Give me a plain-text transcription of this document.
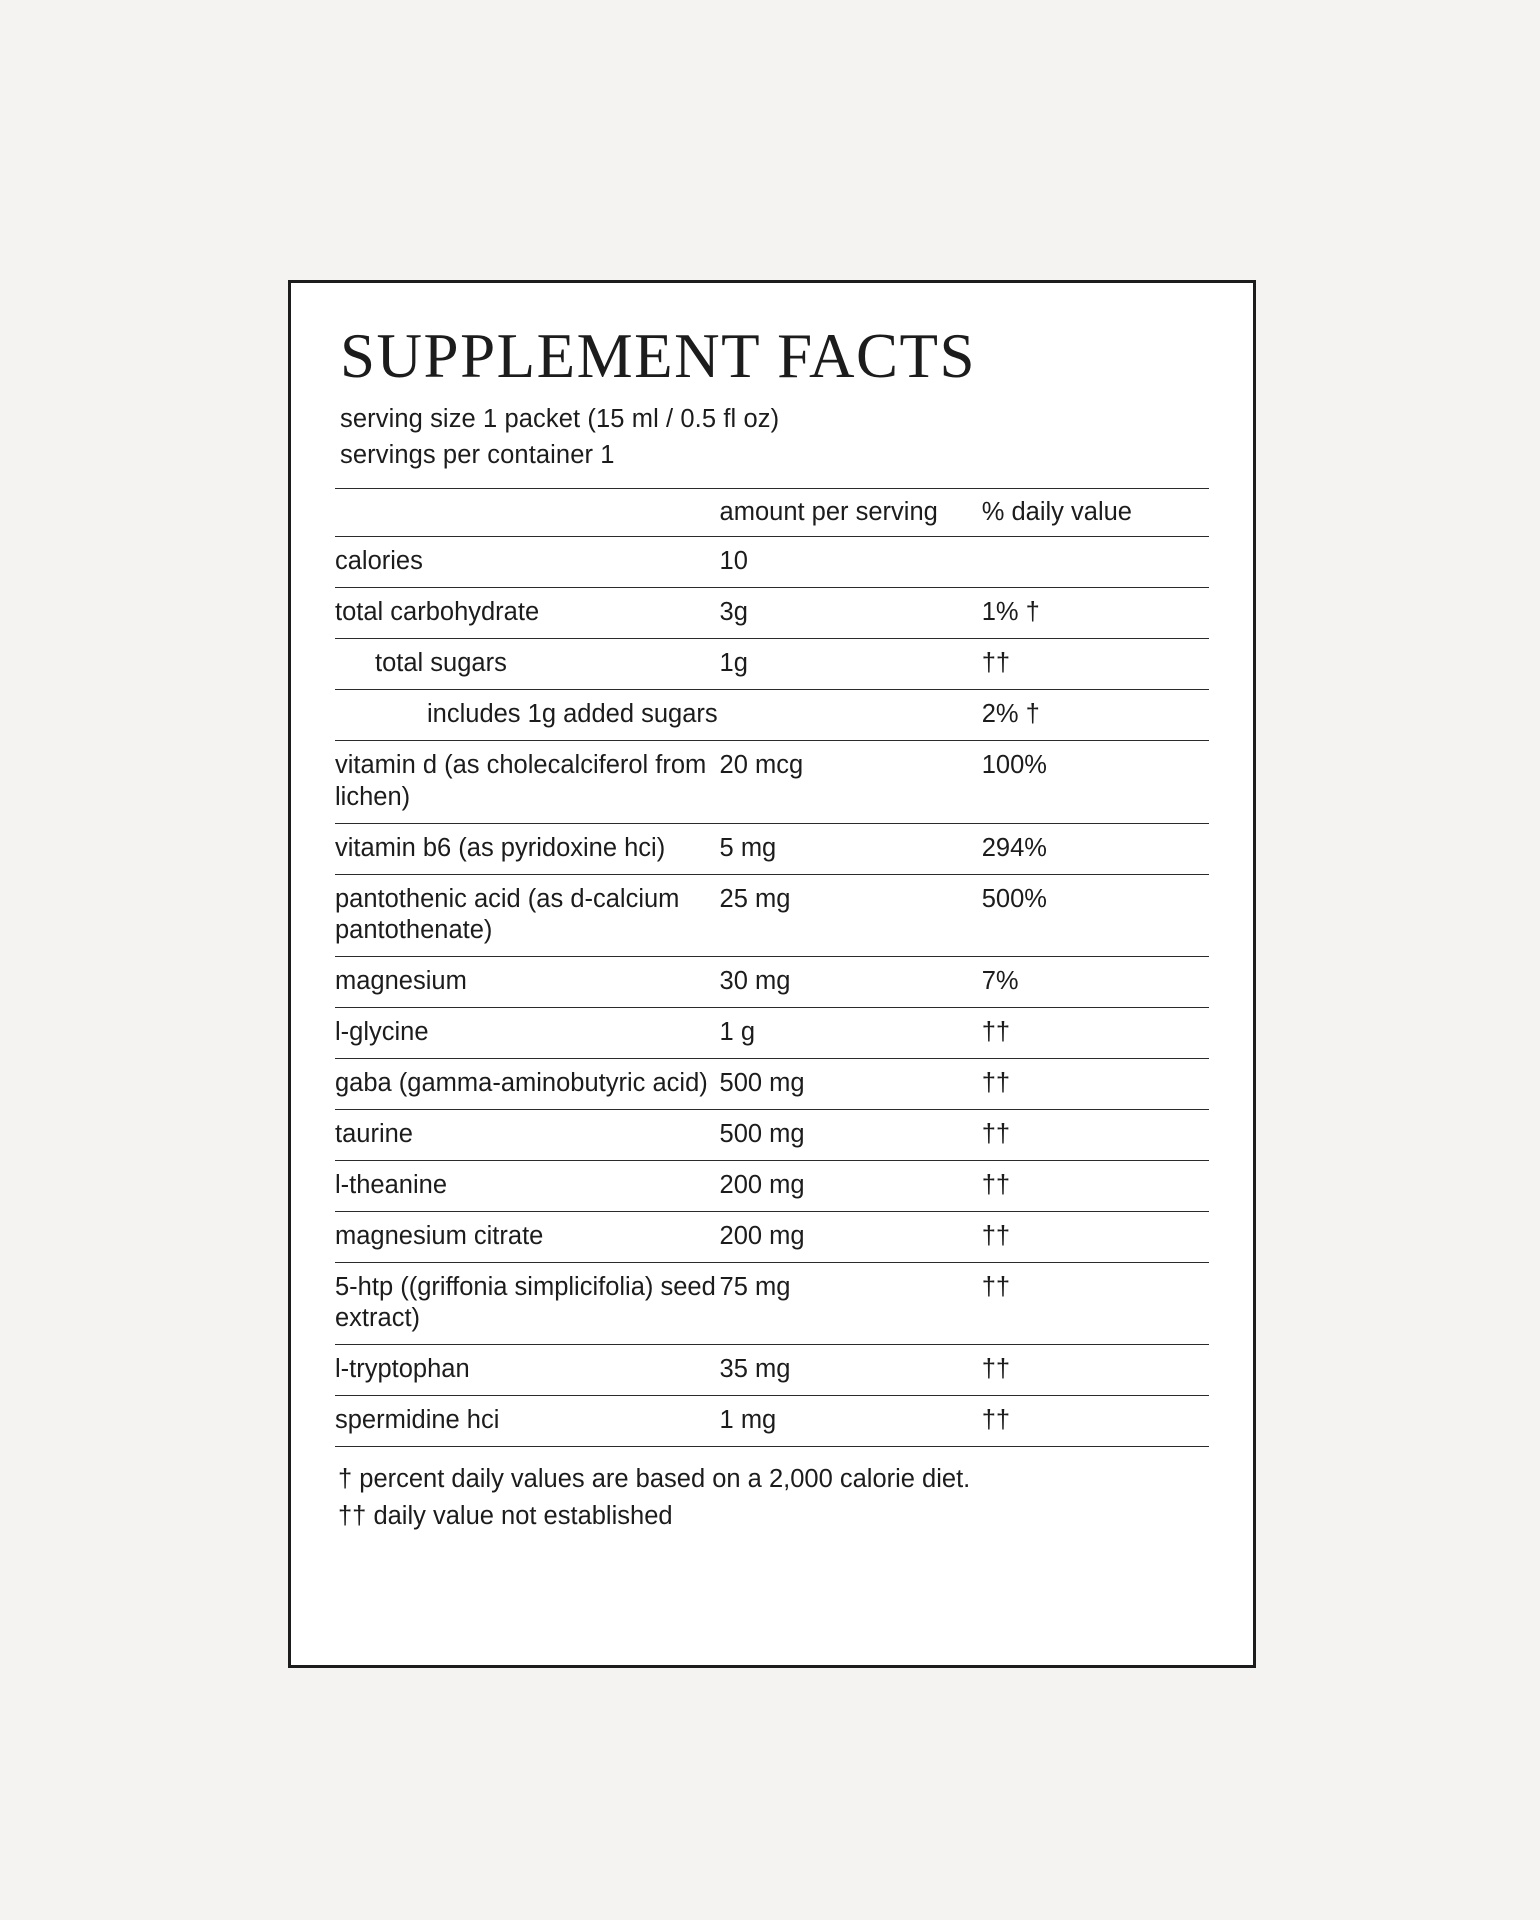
SUPPLEMENT FACTS
serving size 1 packet (15 ml / 0.5 fl oz)
servings per container 1
	amount per serving	% daily value
calories	10	
total carbohydrate	3g	1% †
total sugars	1g	††
includes 1g added sugars		2% †
vitamin d (as cholecalciferol from lichen)	20 mcg	100%
vitamin b6 (as pyridoxine hci)	5 mg	294%
pantothenic acid (as d-calcium pantothenate)	25 mg	500%
magnesium	30 mg	7%
l-glycine	1 g	††
gaba (gamma-aminobutyric acid)	500 mg	††
taurine	500 mg	††
l-theanine	200 mg	††
magnesium citrate	200 mg	††
5-htp ((griffonia simplicifolia) seed extract)	75 mg	††
l-tryptophan	35 mg	††
spermidine hci	1 mg	††
† percent daily values are based on a 2,000 calorie diet.
†† daily value not established
